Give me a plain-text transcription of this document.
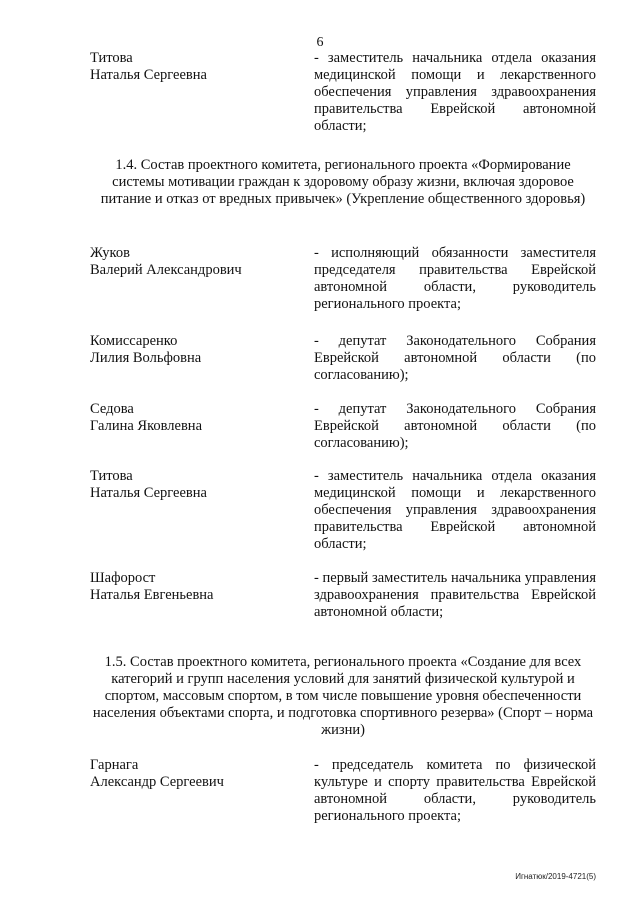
6
Титова
Наталья Сергеевна
- заместитель начальника отдела оказания медицинской помощи и лекарственного обеспечения управления здравоохранения правительства Еврейской автономной области;
1.4. Состав проектного комитета, регионального проекта «Формирование системы мотивации граждан к здоровому образу жизни, включая здоровое питание и отказ от вредных привычек» (Укрепление общественного здоровья)
Жуков
Валерий Александрович
- исполняющий обязанности заместителя председателя правительства Еврейской автономной области, руководитель регионального проекта;
Комиссаренко
Лилия Вольфовна
- депутат Законодательного Собрания Еврейской автономной области (по согласованию);
Седова
Галина Яковлевна
- депутат Законодательного Собрания Еврейской автономной области (по согласованию);
Титова
Наталья Сергеевна
- заместитель начальника отдела оказания медицинской помощи и лекарственного обеспечения управления здравоохранения правительства Еврейской автономной области;
Шафорост
Наталья Евгеньевна
- первый заместитель начальника управления здравоохранения правительства Еврейской автономной области;
1.5. Состав проектного комитета, регионального проекта «Создание для всех категорий и групп населения условий для занятий физической культурой и спортом, массовым спортом, в том числе повышение уровня обеспеченности населения объектами спорта, и подготовка спортивного резерва» (Спорт – норма жизни)
Гарнага
Александр Сергеевич
- председатель комитета по физической культуре и спорту правительства Еврейской автономной области, руководитель регионального проекта;
Игнатюк/2019-4721(5)
